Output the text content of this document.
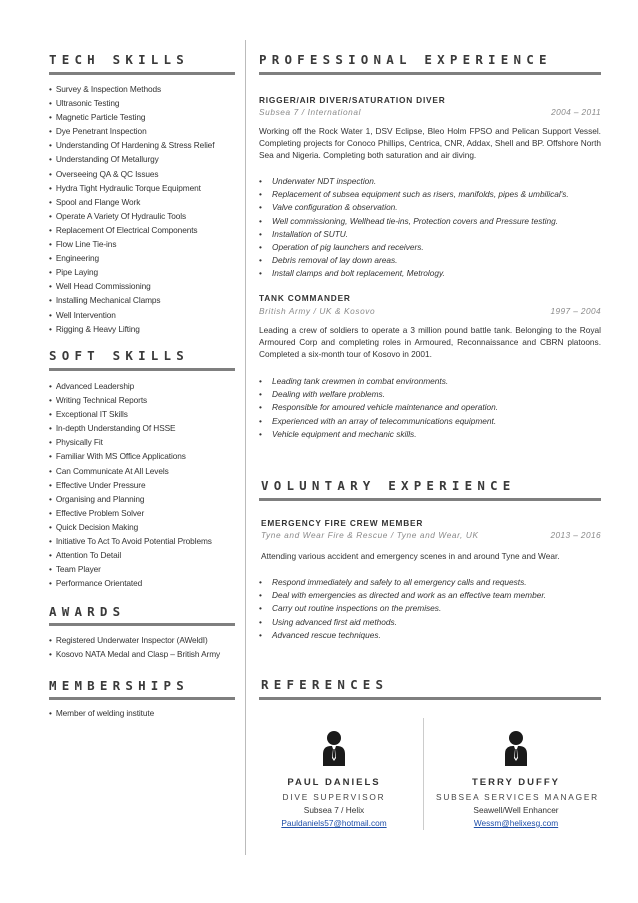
TECH SKILLS
• Survey & Inspection Methods
• Ultrasonic Testing
• Magnetic Particle Testing
• Dye Penetrant Inspection
• Understanding Of Hardening & Stress Relief
• Understanding Of Metallurgy
• Overseeing QA & QC Issues
• Hydra Tight Hydraulic Torque Equipment
• Spool and Flange Work
• Operate A Variety Of Hydraulic Tools
• Replacement Of Electrical Components
• Flow Line Tie-ins
• Engineering
• Pipe Laying
• Well Head Commissioning
• Installing Mechanical Clamps
• Well Intervention
• Rigging & Heavy Lifting
SOFT SKILLS
• Advanced Leadership
• Writing Technical Reports
• Exceptional IT Skills
• In-depth Understanding Of HSSE
• Physically Fit
• Familiar With MS Office Applications
• Can Communicate At All Levels
• Effective Under Pressure
• Organising and Planning
• Effective Problem Solver
• Quick Decision Making
• Initiative To Act To Avoid Potential Problems
• Attention To Detail
• Team Player
• Performance Orientated
AWARDS
• Registered Underwater Inspector (AWeldI)
• Kosovo NATA Medal and Clasp – British Army
MEMBERSHIPS
• Member of welding institute
PROFESSIONAL EXPERIENCE
RIGGER/AIR DIVER/SATURATION DIVER
Subsea 7 / International	2004 – 2011
Working off the Rock Water 1, DSV Eclipse, Bleo Holm FPSO and Pelican Support Vessel. Completing projects for Conoco Phillips, Centrica, CNR, Addax, Shell and BP. Offshore North Sea and Nigeria. Completing both saturation and air diving.
• Underwater NDT inspection.
• Replacement of subsea equipment such as risers, manifolds, pipes & umbilical's.
• Valve configuration & observation.
• Well commissioning, Wellhead tie-ins, Protection covers and Pressure testing.
• Installation of SUTU.
• Operation of pig launchers and receivers.
• Debris removal of lay down areas.
• Install clamps and bolt replacement, Metrology.
TANK COMMANDER
British Army / UK & Kosovo	1997 – 2004
Leading a crew of soldiers to operate a 3 million pound battle tank. Belonging to the Royal Armoured Corp and completing roles in Armoured, Reconnaissance and CBRN platoons. Completed a six-month tour of Kosovo in 2001.
• Leading tank crewmen in combat environments.
• Dealing with welfare problems.
• Responsible for amoured vehicle maintenance and operation.
• Experienced with an array of telecommunications equipment.
• Vehicle equipment and mechanic skills.
VOLUNTARY EXPERIENCE
EMERGENCY FIRE CREW MEMBER
Tyne and Wear Fire & Rescue / Tyne and Wear, UK	2013 – 2016
Attending various accident and emergency scenes in and around Tyne and Wear.
• Respond immediately and safely to all emergency calls and requests.
• Deal with emergencies as directed and work as an effective team member.
• Carry out routine inspections on the premises.
• Using advanced first aid methods.
• Advanced rescue techniques.
REFERENCES
PAUL DANIELS
DIVE SUPERVISOR
Subsea 7 / Helix
Pauldaniels57@hotmail.com
TERRY DUFFY
SUBSEA SERVICES MANAGER
Seawell/Well Enhancer
Wessm@helixesg.com
